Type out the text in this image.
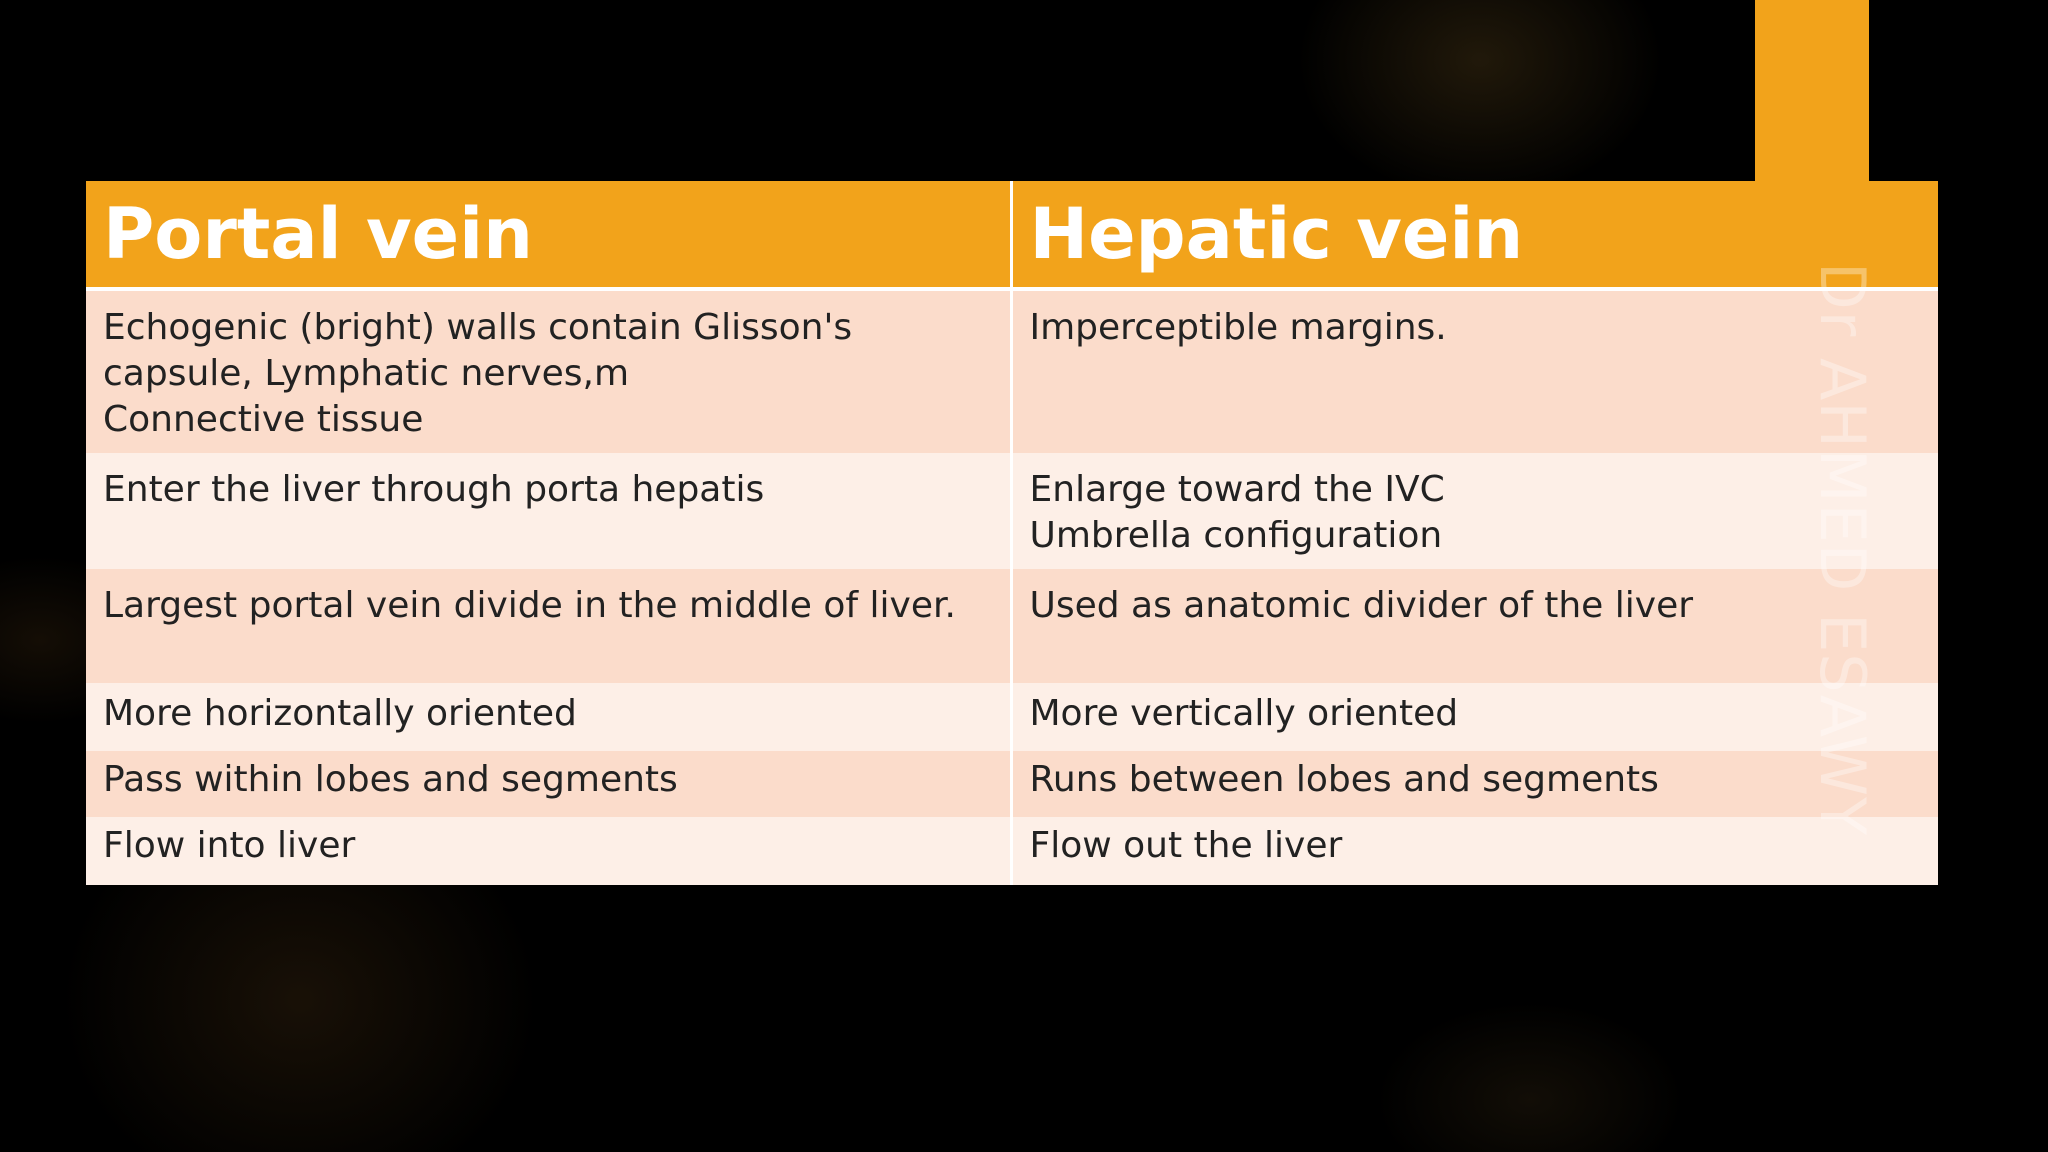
Portal vein	Hepatic vein

Echogenic (bright) walls contain Glisson's
capsule, Lymphatic nerves,m
Connective tissue	Imperceptible margins.

Enter the liver through porta hepatis	Enlarge toward the IVC
Umbrella configuration

Largest portal vein divide in the middle of liver.	Used as anatomic divider of the liver

More horizontally oriented	More vertically oriented

Pass within lobes and segments	Runs between lobes and segments

Flow into liver	Flow out the liver
Dr AHMED ESAWY
